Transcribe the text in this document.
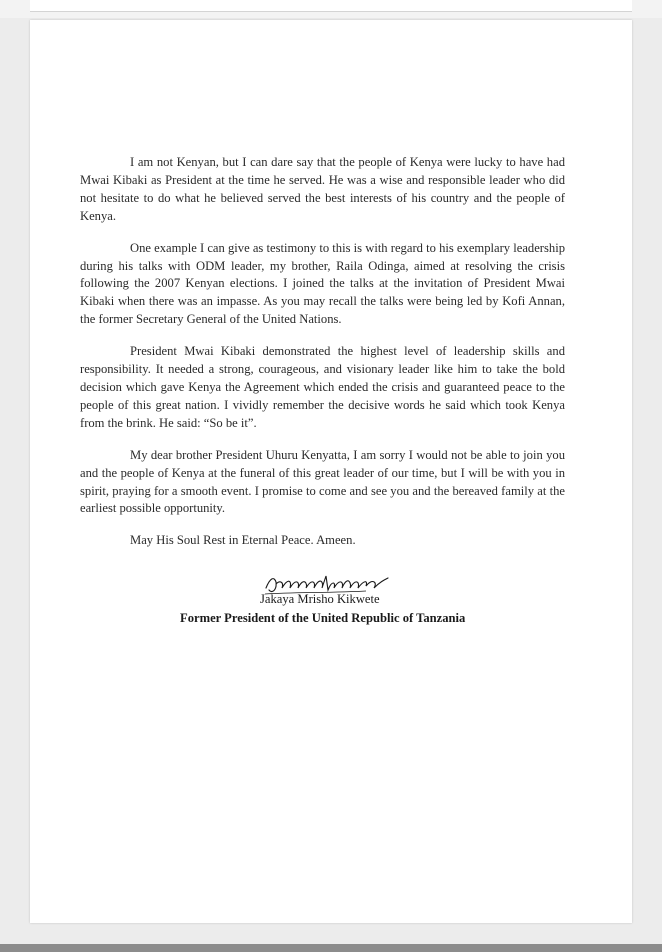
I am not Kenyan, but I can dare say that the people of Kenya were lucky to have had Mwai Kibaki as President at the time he served. He was a wise and responsible leader who did not hesitate to do what he believed served the best interests of his country and the people of Kenya.

One example I can give as testimony to this is with regard to his exemplary leadership during his talks with ODM leader, my brother, Raila Odinga, aimed at resolving the crisis following the 2007 Kenyan elections. I joined the talks at the invitation of President Mwai Kibaki when there was an impasse. As you may recall the talks were being led by Kofi Annan, the former Secretary General of the United Nations.

President Mwai Kibaki demonstrated the highest level of leadership skills and responsibility. It needed a strong, courageous, and visionary leader like him to take the bold decision which gave Kenya the Agreement which ended the crisis and guaranteed peace to the people of this great nation. I vividly remember the decisive words he said which took Kenya from the brink. He said: “So be it”.

My dear brother President Uhuru Kenyatta, I am sorry I would not be able to join you and the people of Kenya at the funeral of this great leader of our time, but I will be with you in spirit, praying for a smooth event. I promise to come and see you and the bereaved family at the earliest possible opportunity.

May His Soul Rest in Eternal Peace. Ameen.

Jakaya Mrisho Kikwete
Former President of the United Republic of Tanzania
